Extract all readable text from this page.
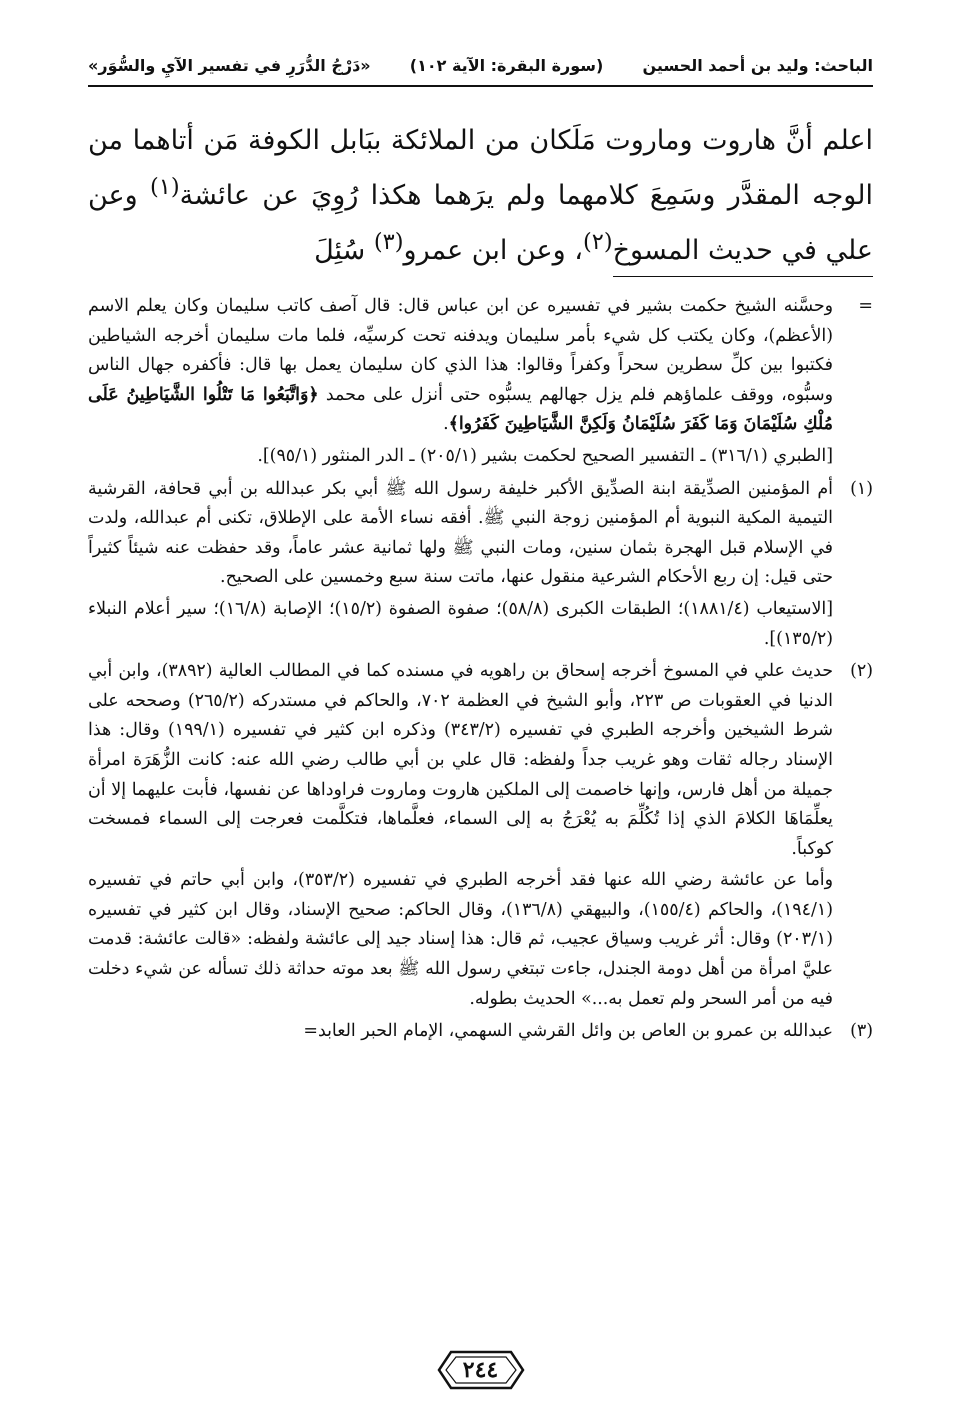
الباحث: وليد بن أحمد الحسين
(سورة البقرة: الآية ١٠٢)
«دَرْجُ الدُّرَرِ في تفسير الآيِ والسُّوَر»
اعلم أنَّ هاروت وماروت مَلَكان من الملائكة ببَابل الكوفة مَن أتاهما من الوجه المقدَّر وسَمِعَ كلامهما ولم يرَهما هكذا رُوِيَ عن عائشة$^{(١)}$ وعن علي في حديث المسوخ$^{(٢)}$، وعن ابن عمرو$^{(٣)}$ سُئِلَ
=

وحسَّنه الشيخ حكمت بشير في تفسيره عن ابن عباس قال: قال آصف كاتب سليمان وكان يعلم الاسم (الأعظم)، وكان يكتب كل شيء بأمر سليمان ويدفنه تحت كرسيِّه، فلما مات سليمان أخرجه الشياطين فكتبوا بين كلِّ سطرين سحراً وكفراً وقالوا: هذا الذي كان سليمان يعمل بها قال: فأكفره جهال الناس وسبُّوه، ووقف علماؤهم فلم يزل جهالهم يسبُّوه حتى أنزل على محمد ﴿وَاتَّبَعُوا مَا تَتْلُوا الشَّيَاطِينُ عَلَى مُلْكِ سُلَيْمَانَ وَمَا كَفَرَ سُلَيْمَانُ وَلَكِنَّ الشَّيَاطِينَ كَفَرُوا﴾.

[الطبري (٣١٦/١) ـ التفسير الصحيح لحكمت بشير (٢٠٥/١) ـ الدر المنثور (٩٥/١)].

(١)

أم المؤمنين الصدِّيقة ابنة الصدِّيق الأكبر خليفة رسول الله ﷺ أبي بكر عبدالله بن أبي قحافة، القرشية التيمية المكية النبوية أم المؤمنين زوجة النبي ﷺ. أفقه نساء الأمة على الإطلاق، تكنى أم عبدالله، ولدت في الإسلام قبل الهجرة بثمان سنين، ومات النبي ﷺ ولها ثمانية عشر عاماً، وقد حفظت عنه شيئاً كثيراً حتى قيل: إن ربع الأحكام الشرعية منقول عنها، ماتت سنة سبع وخمسين على الصحيح.

[الاستيعاب (١٨٨١/٤)؛ الطبقات الكبرى (٥٨/٨)؛ صفوة الصفوة (١٥/٢)؛ الإصابة (١٦/٨)؛ سير أعلام النبلاء (١٣٥/٢)].

(٢)

حديث علي في المسوخ أخرجه إسحاق بن راهويه في مسنده كما في المطالب العالية (٣٨٩٢)، وابن أبي الدنيا في العقوبات ص ٢٢٣، وأبو الشيخ في العظمة ٧٠٢، والحاكم في مستدركه (٢٦٥/٢) وصححه على شرط الشيخين وأخرجه الطبري في تفسيره (٣٤٣/٢) وذكره ابن كثير في تفسيره (١٩٩/١) وقال: هذا الإسناد رجاله ثقات وهو غريب جداً ولفظه: قال علي بن أبي طالب رضي الله عنه: كانت الزُّهَرَة امرأة جميلة من أهل فارس، وإنها خاصمت إلى الملكين هاروت وماروت فراوداها عن نفسها، فأبت عليهما إلا أن يعلِّمَاهَا الكلامَ الذي إذا تُكُلِّمَ به يُعْرَجُ به إلى السماء، فعلَّماها، فتكلَّمت فعرجت إلى السماء فمسخت كوكباً.

وأما عن عائشة رضي الله عنها فقد أخرجه الطبري في تفسيره (٣٥٣/٢)، وابن أبي حاتم في تفسيره (١٩٤/١)، والحاكم (١٥٥/٤)، والبيهقي (١٣٦/٨)، وقال الحاكم: صحيح الإسناد، وقال ابن كثير في تفسيره (٢٠٣/١) وقال: أثر غريب وسياق عجيب، ثم قال: هذا إسناد جيد إلى عائشة ولفظه: «قالت عائشة: قدمت عليَّ امرأة من أهل دومة الجندل، جاءت تبتغي رسول الله ﷺ بعد موته حداثة ذلك تسأله عن شيء دخلت فيه من أمر السحر ولم تعمل به...» الحديث بطوله.

(٣)

عبدالله بن عمرو بن العاص بن وائل القرشي السهمي، الإمام الحبر العابد=

٢٤٤
